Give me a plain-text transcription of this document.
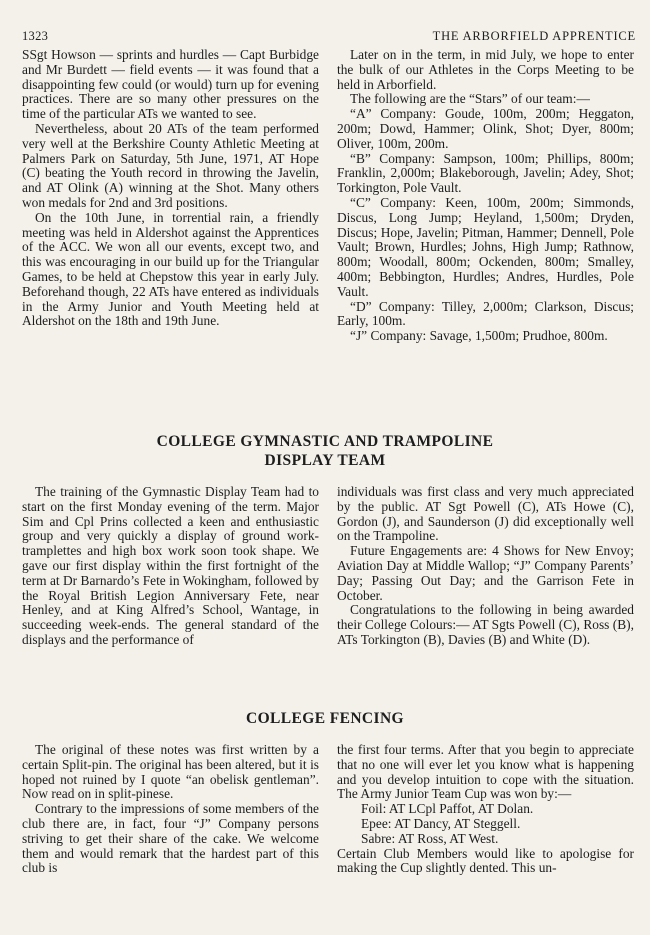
1323	THE ARBORFIELD APPRENTICE

SSgt Howson — sprints and hurdles — Capt Burbidge and Mr Burdett — field events — it was found that a disappointing few could (or would) turn up for evening practices. There are so many other pressures on the time of the particular ATs we wanted to see.

Nevertheless, about 20 ATs of the team performed very well at the Berkshire County Athletic Meeting at Palmers Park on Saturday, 5th June, 1971, AT Hope (C) beating the Youth record in throwing the Javelin, and AT Olink (A) winning at the Shot. Many others won medals for 2nd and 3rd positions.

On the 10th June, in torrential rain, a friendly meeting was held in Aldershot against the Apprentices of the ACC. We won all our events, except two, and this was encouraging in our build up for the Triangular Games, to be held at Chepstow this year in early July. Beforehand though, 22 ATs have entered as individuals in the Army Junior and Youth Meeting held at Aldershot on the 18th and 19th June.

Later on in the term, in mid July, we hope to enter the bulk of our Athletes in the Corps Meeting to be held in Arborfield.

The following are the “Stars” of our team:—

“A” Company: Goude, 100m, 200m; Heggaton, 200m; Dowd, Hammer; Olink, Shot; Dyer, 800m; Oliver, 100m, 200m.

“B” Company: Sampson, 100m; Phillips, 800m; Franklin, 2,000m; Blakeborough, Javelin; Adey, Shot; Torkington, Pole Vault.

“C” Company: Keen, 100m, 200m; Simmonds, Discus, Long Jump; Heyland, 1,500m; Dryden, Discus; Hope, Javelin; Pitman, Hammer; Dennell, Pole Vault; Brown, Hurdles; Johns, High Jump; Rathnow, 800m; Woodall, 800m; Ockenden, 800m; Smalley, 400m; Bebbington, Hurdles; Andres, Hurdles, Pole Vault.

“D” Company: Tilley, 2,000m; Clarkson, Discus; Early, 100m.

“J” Company: Savage, 1,500m; Prudhoe, 800m.

COLLEGE GYMNASTIC AND TRAMPOLINE
DISPLAY TEAM

The training of the Gymnastic Display Team had to start on the first Monday evening of the term. Major Sim and Cpl Prins collected a keen and enthusiastic group and very quickly a display of ground work-tramplettes and high box work soon took shape. We gave our first display within the first fortnight of the term at Dr Barnardo’s Fete in Wokingham, followed by the Royal British Legion Anniversary Fete, near Henley, and at King Alfred’s School, Wantage, in succeeding week-ends. The general standard of the displays and the performance of

individuals was first class and very much appreciated by the public. AT Sgt Powell (C), ATs Howe (C), Gordon (J), and Saunderson (J) did exceptionally well on the Trampoline.

Future Engagements are: 4 Shows for New Envoy; Aviation Day at Middle Wallop; “J” Company Parents’ Day; Passing Out Day; and the Garrison Fete in October.

Congratulations to the following in being awarded their College Colours:— AT Sgts Powell (C), Ross (B), ATs Torkington (B), Davies (B) and White (D).

COLLEGE FENCING

The original of these notes was first written by a certain Split-pin. The original has been altered, but it is hoped not ruined by I quote “an obelisk gentleman”. Now read on in split-pinese.

Contrary to the impressions of some members of the club there are, in fact, four “J” Company persons striving to get their share of the cake. We welcome them and would remark that the hardest part of this club is

the first four terms. After that you begin to appreciate that no one will ever let you know what is happening and you develop intuition to cope with the situation. The Army Junior Team Cup was won by:—

Foil: AT LCpl Paffot, AT Dolan.

Epee: AT Dancy, AT Steggell.

Sabre: AT Ross, AT West.

Certain Club Members would like to apologise for making the Cup slightly dented. This un-
